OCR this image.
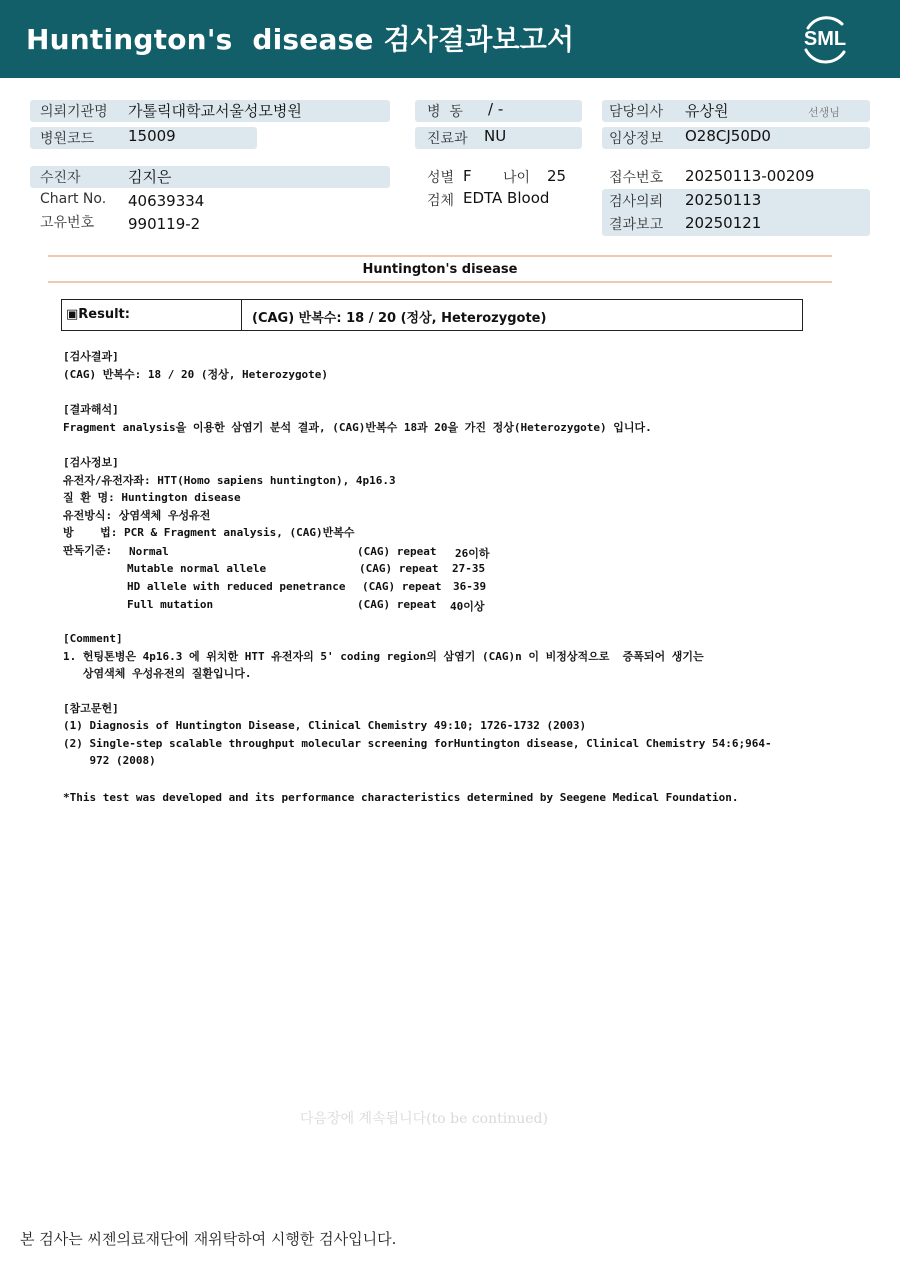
Huntington's  disease 검사결과보고서	SML
의뢰기관명 가톨릭대학교서울성모병원
병원코드 15009
병  동 / -
진료과 NU
담당의사 유상원	선생님
임상정보 O28CJ50D0
수진자	김지은
Chart No. 40639334
고유번호 990119-2
성별 F 나이 25
검체 EDTA Blood
접수번호 20250113-00209
검사의뢰 20250113
결과보고 20250121
Huntington's disease
▣Result:	(CAG) 반복수: 18 / 20 (정상, Heterozygote)
[검사결과]
(CAG) 반복수: 18 / 20 (정상, Heterozygote)
[결과해석]
Fragment analysis을 이용한 삼염기 분석 결과, (CAG)반복수 18과 20을 가진 정상(Heterozygote) 입니다.
[검사정보]
유전자/유전자좌: HTT(Homo sapiens huntington), 4p16.3
질 환 명: Huntington disease
유전방식: 상염색체 우성유전
방    법: PCR & Fragment analysis, (CAG)반복수
판독기준: Normal	(CAG) repeat 26이하
Mutable normal allele	(CAG) repeat 27-35
HD allele with reduced penetrance (CAG) repeat 36-39
Full mutation	(CAG) repeat 40이상
[Comment]
1. 헌팅톤병은 4p16.3 에 위치한 HTT 유전자의 5' coding region의 삼염기 (CAG)n 이 비정상적으로  증폭되어 생기는
상염색체 우성유전의 질환입니다.
[참고문헌]
(1) Diagnosis of Huntington Disease, Clinical Chemistry 49:10; 1726-1732 (2003)
(2) Single-step scalable throughput molecular screening forHuntington disease, Clinical Chemistry 54:6;964-
972 (2008)
*This test was developed and its performance characteristics determined by Seegene Medical Foundation.
다음장에 계속됩니다(to be continued)
본 검사는 씨젠의료재단에 재위탁하여 시행한 검사입니다.
